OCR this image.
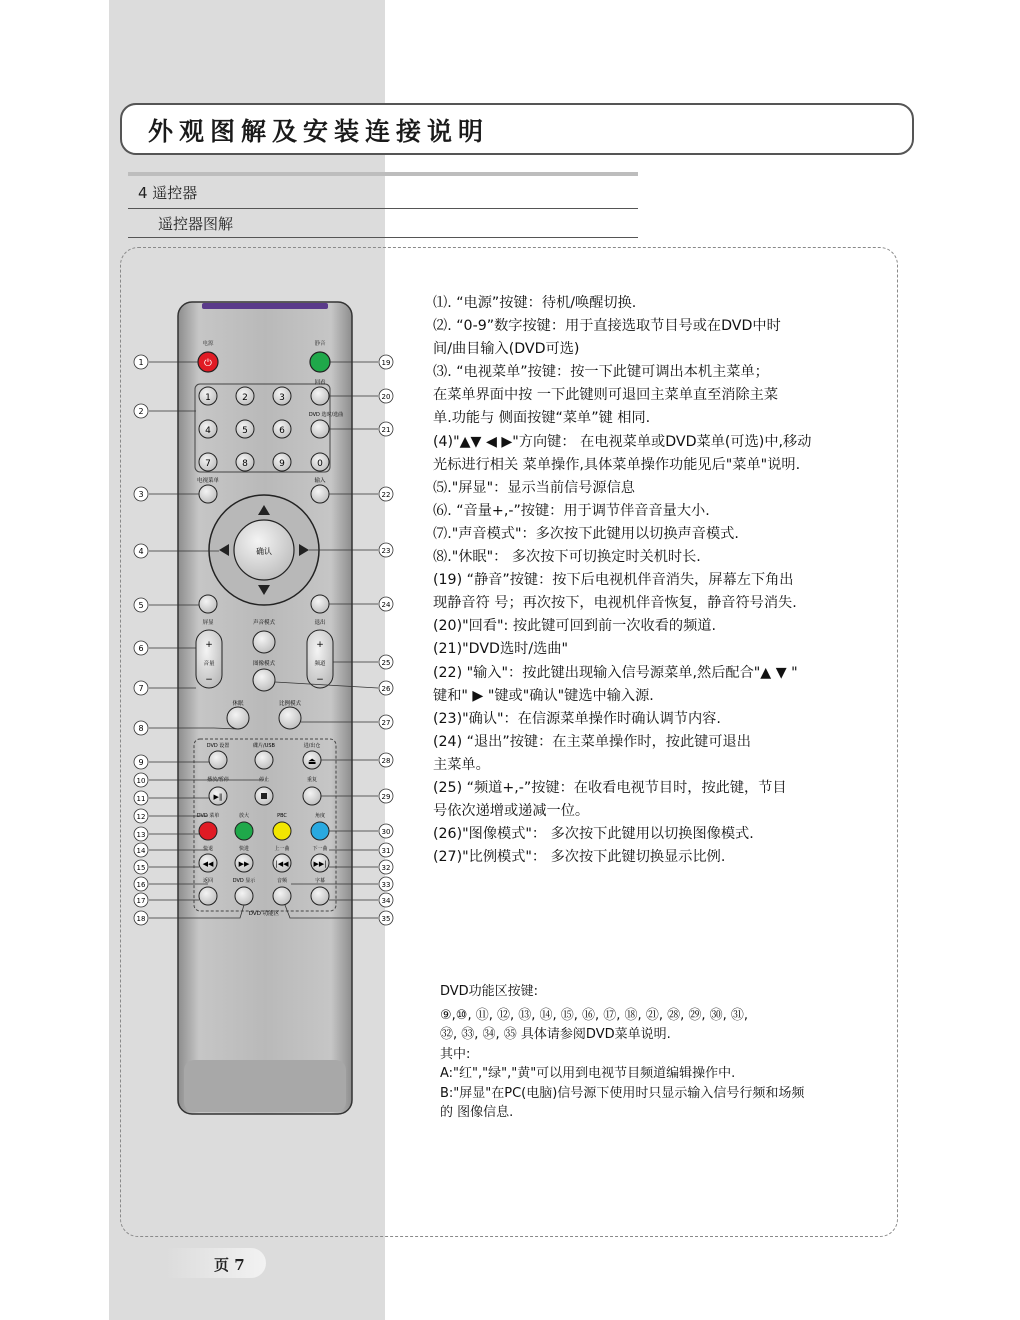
外观图解及安装连接说明
4 遥控器
遥控器图解
电源	静音
⏻
1	2	3
4	5	6
7	8	9	0
回看
DVD 选时/选曲
电视菜单	输入
确认
屏显	声音模式	退出
+
音量
−
+
频道
−
图像模式
休眠	比例模式
DVD 设置	碟片/USB	进/出仓
⏏
播放/暂停	停止	重复
▶‖
DVD 菜单	放大	PBC	角度
快退	快进	上一曲	下一曲
◀◀	▶▶	|◀◀	▶▶|
返回	DVD 显示	音频	字幕
DVD 功能区
1
2
3
4
5
6
7
8
9
10
11
12
13
14
15
16
17
18
19
20
21
22
23
24
25
26
27
28
29
30
31
32
33
34
35
⑴. “电源”按键：待机/唤醒切换.
⑵. “0-9”数字按键：用于直接选取节目号或在DVD中时
间/曲目输入(DVD可选)
⑶. “电视菜单”按键：按一下此键可调出本机主菜单；
在菜单界面中按 一下此键则可退回主菜单直至消除主菜
单.功能与 侧面按键“菜单”键 相同.
(4)"▲▼ ◀ ▶"方向键： 在电视菜单或DVD菜单(可选)中,移动
光标进行相关 菜单操作,具体菜单操作功能见后"菜单"说明.
⑸."屏显"：显示当前信号源信息
⑹. “音量+,-”按键：用于调节伴音音量大小.
⑺."声音模式"：多次按下此键用以切换声音模式.
⑻."休眠"： 多次按下可切换定时关机时长.
(19) “静音”按键：按下后电视机伴音消失，屏幕左下角出
现静音符 号；再次按下，电视机伴音恢复，静音符号消失.
(20)"回看": 按此键可回到前一次收看的频道.
(21)"DVD选时/选曲"
(22) "输入"：按此键出现输入信号源菜单,然后配合"▲ ▼ "
键和" ▶ "键或"确认"键选中输入源.
(23)"确认"：在信源菜单操作时确认调节内容.
(24) “退出”按键：在主菜单操作时，按此键可退出
主菜单。
(25) “频道+,-”按键：在收看电视节目时，按此键，节目
号依次递增或递减一位。
(26)"图像模式"： 多次按下此键用以切换图像模式.
(27)"比例模式"： 多次按下此键切换显示比例.
DVD功能区按键:
⑨,⑩, ⑪, ⑫, ⑬, ⑭, ⑮, ⑯, ⑰, ⑱, ㉑, ㉘, ㉙, ㉚, ㉛,
㉜, ㉝, ㉞, ㉟ 具体请参阅DVD菜单说明.
其中:
A:"红","绿","黄"可以用到电视节目频道编辑操作中.
B:"屏显"在PC(电脑)信号源下使用时只显示输入信号行频和场频
的 图像信息.
页 7
